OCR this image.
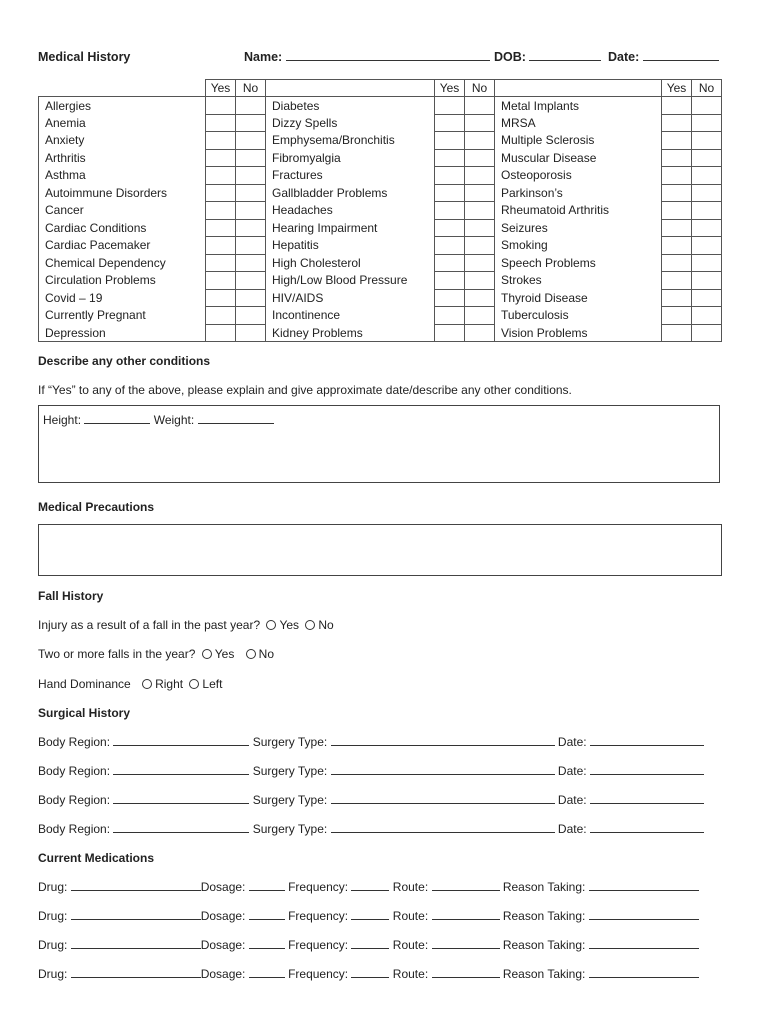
Medical History	Name:	DOB:	Date:
	Yes	No		Yes	No		Yes	No
Allergies			Diabetes			Metal Implants		
Anemia			Dizzy Spells			MRSA		
Anxiety			Emphysema/Bronchitis			Multiple Sclerosis		
Arthritis			Fibromyalgia			Muscular Disease		
Asthma			Fractures			Osteoporosis		
Autoimmune Disorders			Gallbladder Problems			Parkinson’s		
Cancer			Headaches			Rheumatoid Arthritis		
Cardiac Conditions			Hearing Impairment			Seizures		
Cardiac Pacemaker			Hepatitis			Smoking		
Chemical Dependency			High Cholesterol			Speech Problems		
Circulation Problems			High/Low Blood Pressure			Strokes		
Covid – 19			HIV/AIDS			Thyroid Disease		
Currently Pregnant			Incontinence			Tuberculosis		
Depression			Kidney Problems			Vision Problems		
Describe any other conditions
If “Yes” to any of the above, please explain and give approximate date/describe any other conditions.
Height:	Weight:
Medical Precautions
Fall History
Injury as a result of a fall in the past year? Yes No
Two or more falls in the year? Yes No
Hand Dominance Right Left
Surgical History
Body Region:	Surgery Type:	Date:
Body Region:	Surgery Type:	Date:
Body Region:	Surgery Type:	Date:
Body Region:	Surgery Type:	Date:
Current Medications
Drug:	Dosage:	Frequency:	Route:	Reason Taking:
Drug:	Dosage:	Frequency:	Route:	Reason Taking:
Drug:	Dosage:	Frequency:	Route:	Reason Taking:
Drug:	Dosage:	Frequency:	Route:	Reason Taking:
